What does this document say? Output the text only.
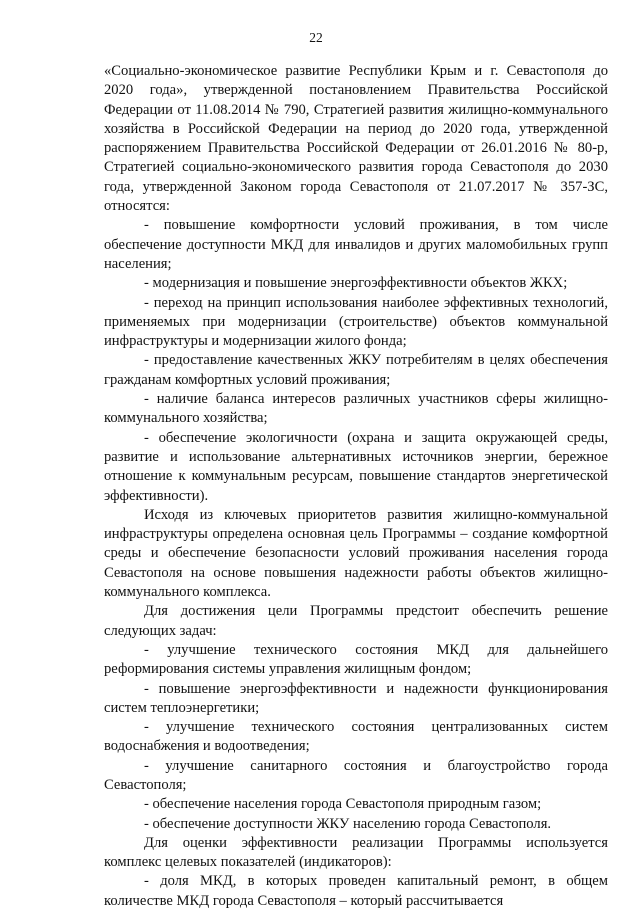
22

«Социально-экономическое развитие Республики Крым и г. Севастополя до 2020 года», утвержденной постановлением Правительства Российской Федерации от 11.08.2014 № 790, Стратегией развития жилищно-коммунального хозяйства в Российской Федерации на период до 2020 года, утвержденной распоряжением Правительства Российской Федерации от 26.01.2016 № 80-р, Стратегией социально-экономического развития города Севастополя до 2030 года, утвержденной Законом города Севастополя от 21.07.2017 № 357-ЗС, относятся:

- повышение комфортности условий проживания, в том числе обеспечение доступности МКД для инвалидов и других маломобильных групп населения;

- модернизация и повышение энергоэффективности объектов ЖКХ;

- переход на принцип использования наиболее эффективных технологий, применяемых при модернизации (строительстве) объектов коммунальной инфраструктуры и модернизации жилого фонда;

- предоставление качественных ЖКУ потребителям в целях обеспечения гражданам комфортных условий проживания;

- наличие баланса интересов различных участников сферы жилищно-коммунального хозяйства;

- обеспечение экологичности (охрана и защита окружающей среды, развитие и использование альтернативных источников энергии, бережное отношение к коммунальным ресурсам, повышение стандартов энергетической эффективности).

Исходя из ключевых приоритетов развития жилищно-коммунальной инфраструктуры определена основная цель Программы – создание комфортной среды и обеспечение безопасности условий проживания населения города Севастополя на основе повышения надежности работы объектов жилищно-коммунального комплекса.

Для достижения цели Программы предстоит обеспечить решение следующих задач:

- улучшение технического состояния МКД для дальнейшего реформирования системы управления жилищным фондом;

- повышение энергоэффективности и надежности функционирования систем теплоэнергетики;

- улучшение технического состояния централизованных систем водоснабжения и водоотведения;

- улучшение санитарного состояния и благоустройство города Севастополя;

- обеспечение населения города Севастополя природным газом;

- обеспечение доступности ЖКУ населению города Севастополя.

Для оценки эффективности реализации Программы используется комплекс целевых показателей (индикаторов):

- доля МКД, в которых проведен капитальный ремонт, в общем количестве МКД города Севастополя – который рассчитывается
